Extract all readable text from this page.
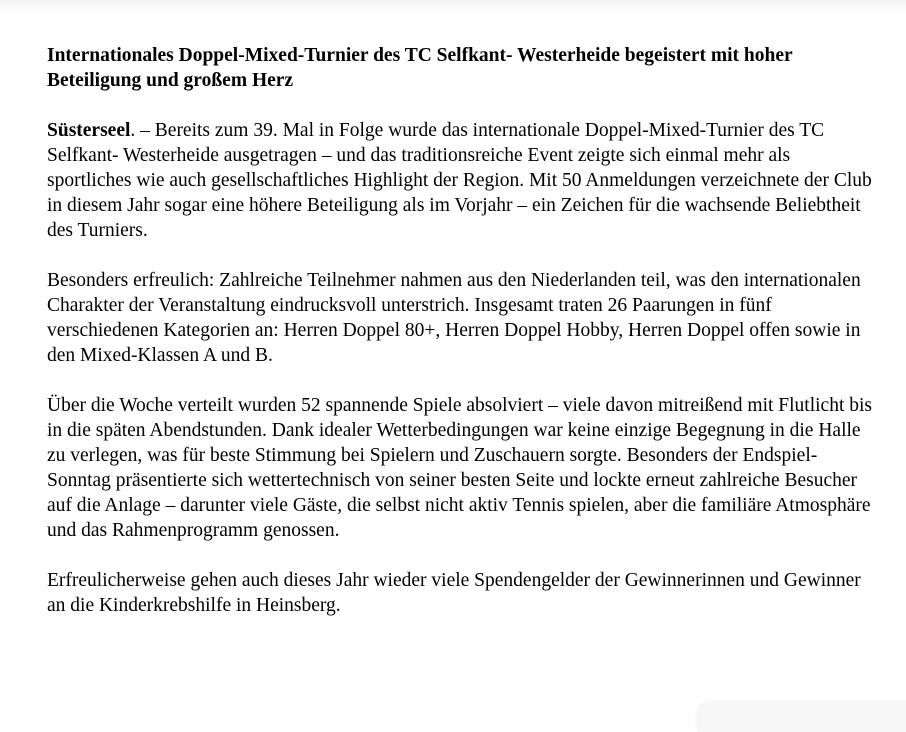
Internationales Doppel-Mixed-Turnier des TC Selfkant- Westerheide begeistert mit hoher Beteiligung und großem Herz

Süsterseel. – Bereits zum 39. Mal in Folge wurde das internationale Doppel-Mixed-Turnier des TC Selfkant- Westerheide ausgetragen – und das traditionsreiche Event zeigte sich einmal mehr als sportliches wie auch gesellschaftliches Highlight der Region. Mit 50 Anmeldungen verzeichnete der Club in diesem Jahr sogar eine höhere Beteiligung als im Vorjahr – ein Zeichen für die wachsende Beliebtheit des Turniers.

Besonders erfreulich: Zahlreiche Teilnehmer nahmen aus den Niederlanden teil, was den internationalen Charakter der Veranstaltung eindrucksvoll unterstrich. Insgesamt traten 26 Paarungen in fünf verschiedenen Kategorien an: Herren Doppel 80+, Herren Doppel Hobby, Herren Doppel offen sowie in den Mixed-Klassen A und B.

Über die Woche verteilt wurden 52 spannende Spiele absolviert – viele davon mitreißend mit Flutlicht bis in die späten Abendstunden. Dank idealer Wetterbedingungen war keine einzige Begegnung in die Halle zu verlegen, was für beste Stimmung bei Spielern und Zuschauern sorgte. Besonders der Endspiel-Sonntag präsentierte sich wettertechnisch von seiner besten Seite und lockte erneut zahlreiche Besucher auf die Anlage – darunter viele Gäste, die selbst nicht aktiv Tennis spielen, aber die familiäre Atmosphäre und das Rahmenprogramm genossen.

Erfreulicherweise gehen auch dieses Jahr wieder viele Spendengelder der Gewinnerinnen und Gewinner an die Kinderkrebshilfe in Heinsberg.
